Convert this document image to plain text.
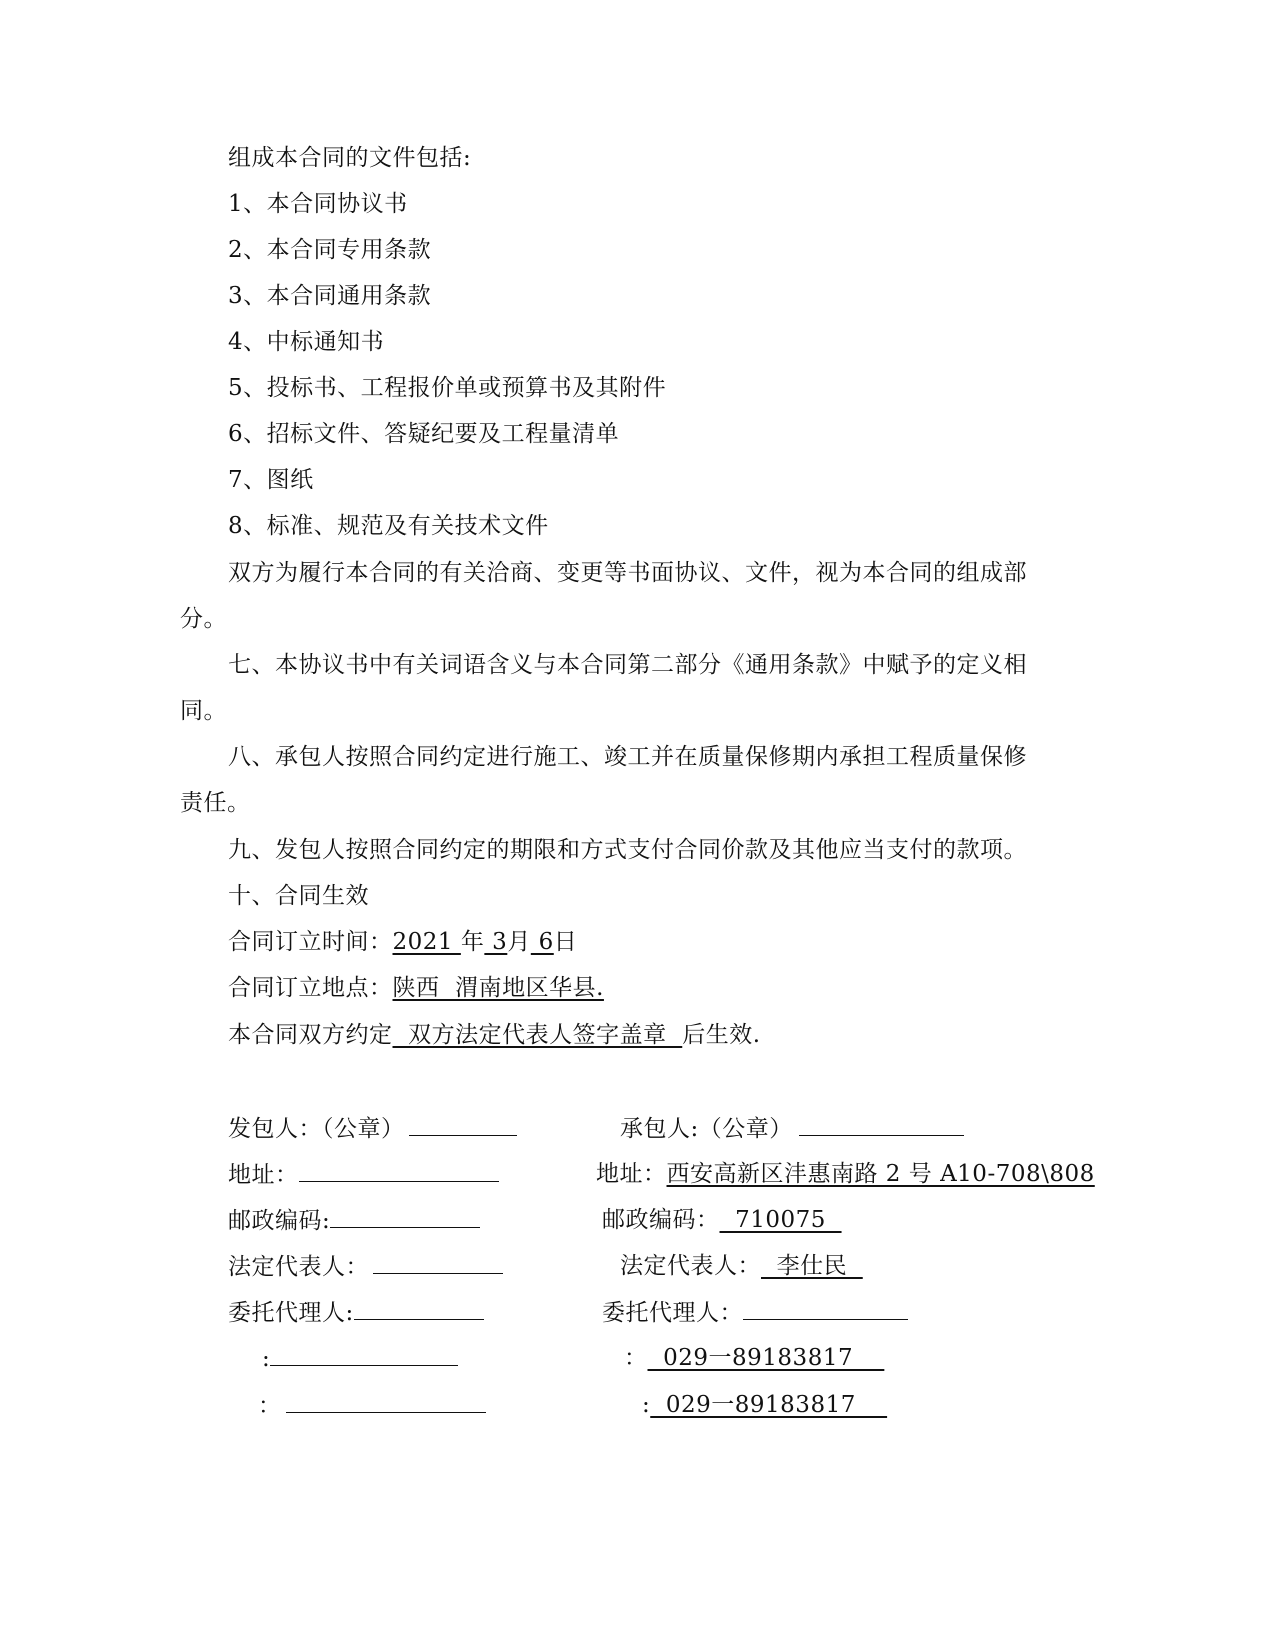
组成本合同的文件包括:
1、本合同协议书
2、本合同专用条款
3、本合同通用条款
4、中标通知书
5、投标书、工程报价单或预算书及其附件
6、招标文件、答疑纪要及工程量清单
7、图纸
8、标准、规范及有关技术文件
双方为履行本合同的有关洽商、变更等书面协议、文件，视为本合同的组成部
分。
七、本协议书中有关词语含义与本合同第二部分《通用条款》中赋予的定义相
同。
八、承包人按照合同约定进行施工、竣工并在质量保修期内承担工程质量保修
责任。
九、发包人按照合同约定的期限和方式支付合同价款及其他应当支付的款项。
十、合同生效
合同订立时间：2021 年 3月 6日
合同订立地点：陕西  渭南地区华县.
本合同双方约定  双方法定代表人签字盖章  后生效.
发包人：（公章）
地址：
邮政编码:
法定代表人：
委托代理人:
:
：
承包人:（公章）
地址：西安高新区沣惠南路 2 号 A10-708\808
邮政编码：  710075
法定代表人：  李仕民
委托代理人：
：  029一89183817
:  029一89183817
